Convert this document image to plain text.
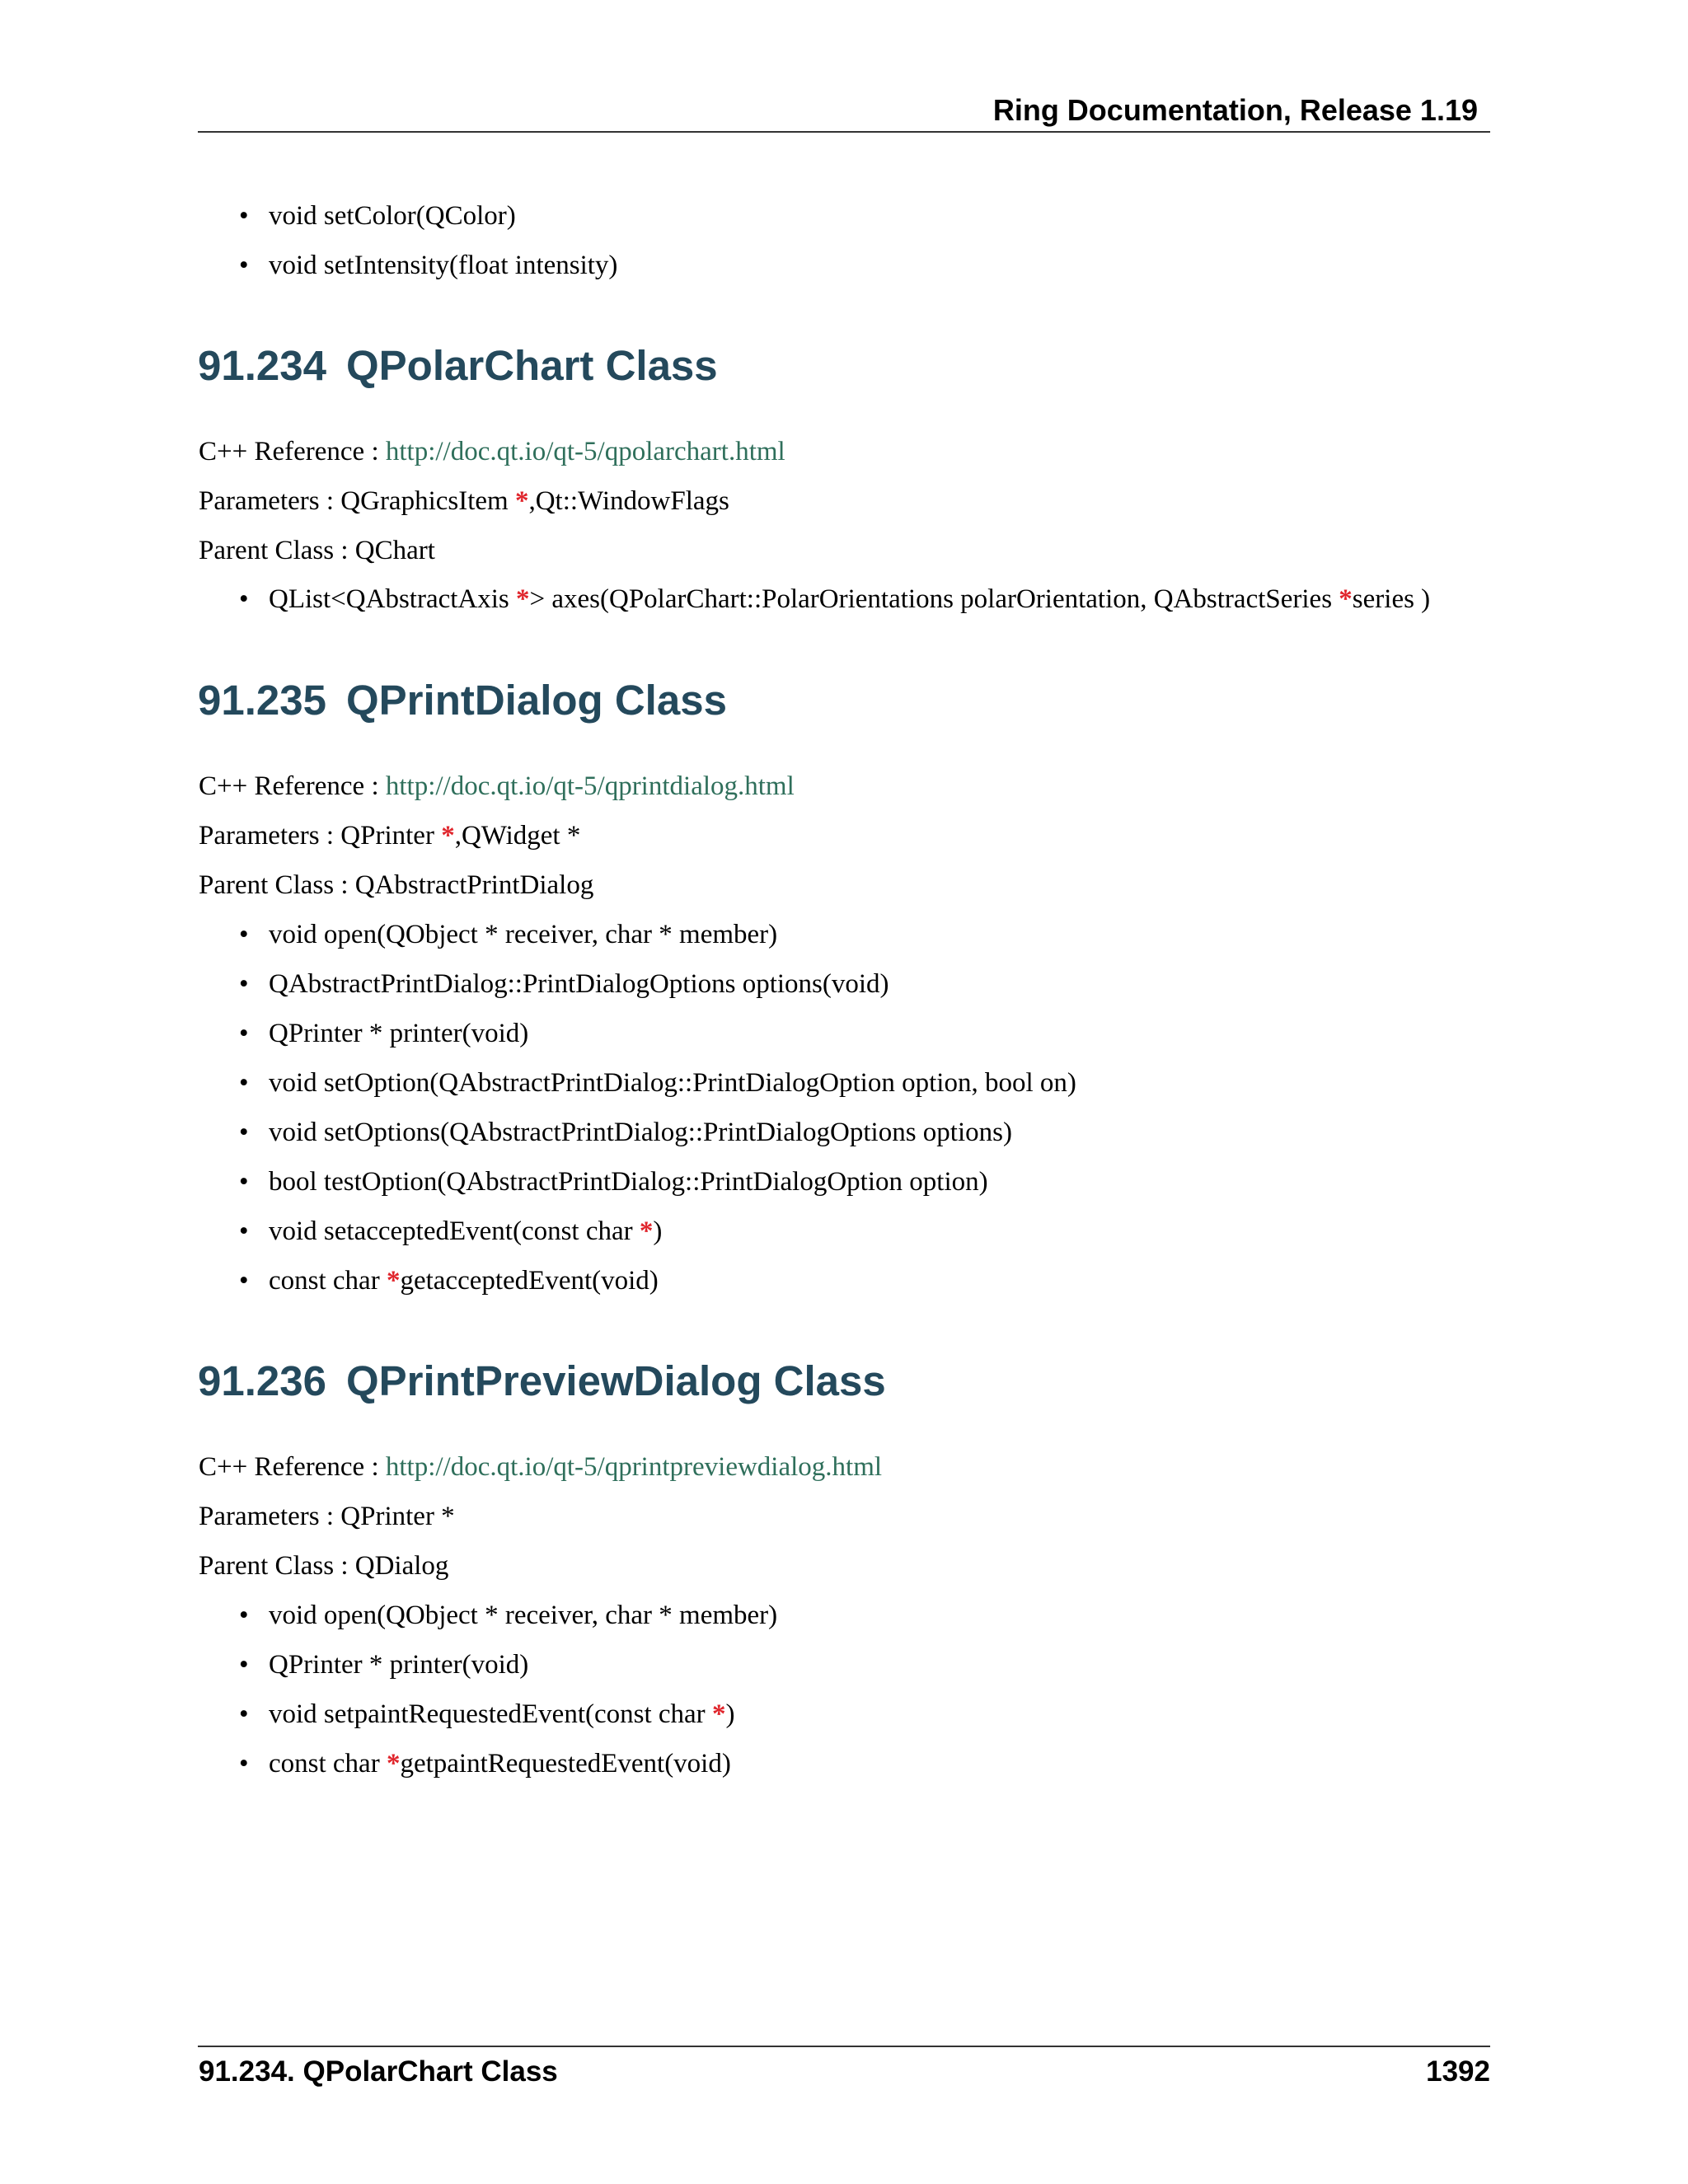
Ring Documentation, Release 1.19
• void setColor(QColor)
• void setIntensity(float intensity)
91.234 QPolarChart Class
C++ Reference : http://doc.qt.io/qt-5/qpolarchart.html
Parameters : QGraphicsItem *,Qt::WindowFlags
Parent Class : QChart
• QList<QAbstractAxis *> axes(QPolarChart::PolarOrientations polarOrientation, QAbstractSeries *series )
91.235 QPrintDialog Class
C++ Reference : http://doc.qt.io/qt-5/qprintdialog.html
Parameters : QPrinter *,QWidget *
Parent Class : QAbstractPrintDialog
• void open(QObject * receiver, char * member)
• QAbstractPrintDialog::PrintDialogOptions options(void)
• QPrinter * printer(void)
• void setOption(QAbstractPrintDialog::PrintDialogOption option, bool on)
• void setOptions(QAbstractPrintDialog::PrintDialogOptions options)
• bool testOption(QAbstractPrintDialog::PrintDialogOption option)
• void setacceptedEvent(const char *)
• const char *getacceptedEvent(void)
91.236 QPrintPreviewDialog Class
C++ Reference : http://doc.qt.io/qt-5/qprintpreviewdialog.html
Parameters : QPrinter *
Parent Class : QDialog
• void open(QObject * receiver, char * member)
• QPrinter * printer(void)
• void setpaintRequestedEvent(const char *)
• const char *getpaintRequestedEvent(void)
91.234. QPolarChart Class	1392
